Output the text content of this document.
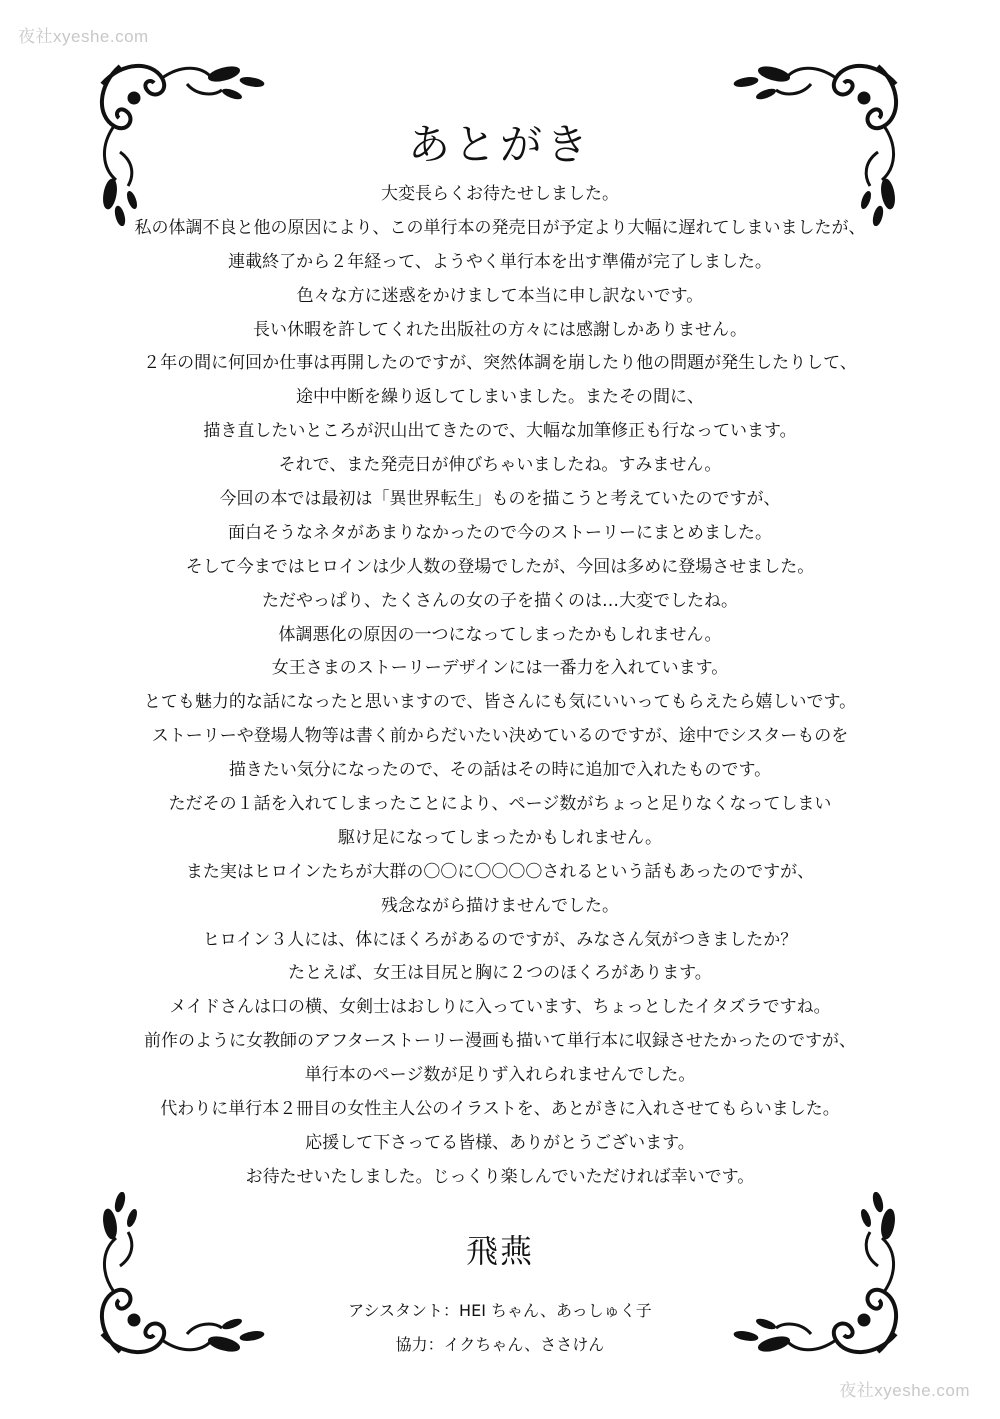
夜社xyeshe.com
あとがき
大変長らくお待たせしました。
私の体調不良と他の原因により、この単行本の発売日が予定より大幅に遅れてしまいましたが、
連載終了から２年経って、ようやく単行本を出す準備が完了しました。
色々な方に迷惑をかけまして本当に申し訳ないです。
長い休暇を許してくれた出版社の方々には感謝しかありません。
２年の間に何回か仕事は再開したのですが、突然体調を崩したり他の問題が発生したりして、
途中中断を繰り返してしまいました。またその間に、
描き直したいところが沢山出てきたので、大幅な加筆修正も行なっています。
それで、また発売日が伸びちゃいましたね。すみません。
今回の本では最初は「異世界転生」ものを描こうと考えていたのですが、
面白そうなネタがあまりなかったので今のストーリーにまとめました。
そして今まではヒロインは少人数の登場でしたが、今回は多めに登場させました。
ただやっぱり、たくさんの女の子を描くのは…大変でしたね。
体調悪化の原因の一つになってしまったかもしれません。
女王さまのストーリーデザインには一番力を入れています。
とても魅力的な話になったと思いますので、皆さんにも気にいいってもらえたら嬉しいです。
ストーリーや登場人物等は書く前からだいたい決めているのですが、途中でシスターものを
描きたい気分になったので、その話はその時に追加で入れたものです。
ただその１話を入れてしまったことにより、ページ数がちょっと足りなくなってしまい
駆け足になってしまったかもしれません。
また実はヒロインたちが大群の〇〇に〇〇〇〇されるという話もあったのですが、
残念ながら描けませんでした。
ヒロイン３人には、体にほくろがあるのですが、みなさん気がつきましたか？
たとえば、女王は目尻と胸に２つのほくろがあります。
メイドさんは口の横、女剣士はおしりに入っています、ちょっとしたイタズラですね。
前作のように女教師のアフターストーリー漫画も描いて単行本に収録させたかったのですが、
単行本のページ数が足りず入れられませんでした。
代わりに単行本２冊目の女性主人公のイラストを、あとがきに入れさせてもらいました。
応援して下さってる皆様、ありがとうございます。
お待たせいたしました。じっくり楽しんでいただければ幸いです。
飛燕
アシスタント：HEI ちゃん、あっしゅく子
協力：イクちゃん、ささけん
夜社xyeshe.com
